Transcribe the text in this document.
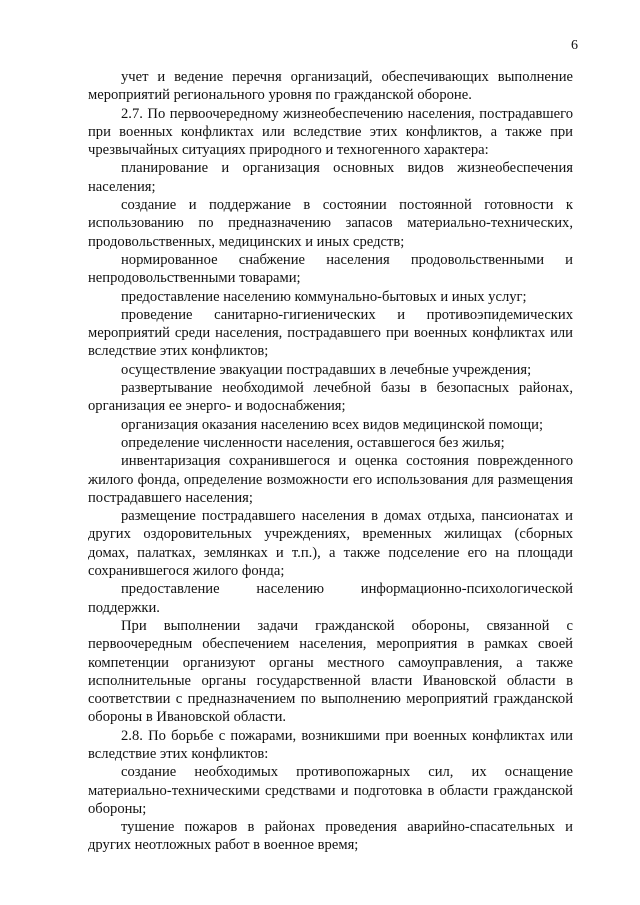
6

учет и ведение перечня организаций, обеспечивающих выполнение мероприятий регионального уровня по гражданской обороне.

2.7. По первоочередному жизнеобеспечению населения, пострадавшего при военных конфликтах или вследствие этих конфликтов, а также при чрезвычайных ситуациях природного и техногенного характера:

планирование и организация основных видов жизнеобеспечения населения;

создание и поддержание в состоянии постоянной готовности к использованию по предназначению запасов материально-технических, продовольственных, медицинских и иных средств;

нормированное снабжение населения продовольственными и непродовольственными товарами;

предоставление населению коммунально-бытовых и иных услуг;

проведение санитарно-гигиенических и противоэпидемических мероприятий среди населения, пострадавшего при военных конфликтах или вследствие этих конфликтов;

осуществление эвакуации пострадавших в лечебные учреждения;

развертывание необходимой лечебной базы в безопасных районах, организация ее энерго- и водоснабжения;

организация оказания населению всех видов медицинской помощи;

определение численности населения, оставшегося без жилья;

инвентаризация сохранившегося и оценка состояния поврежденного жилого фонда, определение возможности его использования для размещения пострадавшего населения;

размещение пострадавшего населения в домах отдыха, пансионатах и других оздоровительных учреждениях, временных жилищах (сборных домах, палатках, землянках и т.п.), а также подселение его на площади сохранившегося жилого фонда;

предоставление населению информационно-психологической поддержки.

При выполнении задачи гражданской обороны, связанной с первоочередным обеспечением населения, мероприятия в рамках своей компетенции организуют органы местного самоуправления, а также исполнительные органы государственной власти Ивановской области в соответствии с предназначением по выполнению мероприятий гражданской обороны в Ивановской области.

2.8. По борьбе с пожарами, возникшими при военных конфликтах или вследствие этих конфликтов:

создание необходимых противопожарных сил, их оснащение материально-техническими средствами и подготовка в области гражданской обороны;

тушение пожаров в районах проведения аварийно-спасательных и других неотложных работ в военное время;
